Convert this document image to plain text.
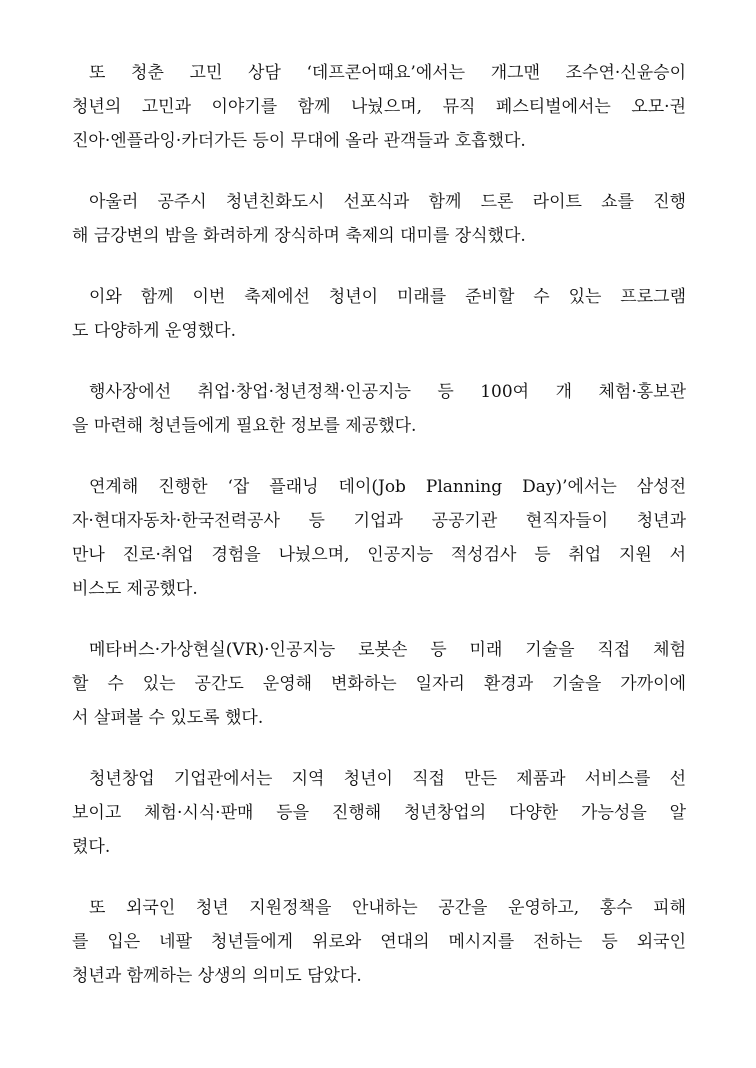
또 청춘 고민 상담 ‘데프콘어때요’에서는 개그맨 조수연·신윤승이
청년의 고민과 이야기를 함께 나눴으며, 뮤직 페스티벌에서는 오모·권
진아·엔플라잉·카더가든 등이 무대에 올라 관객들과 호흡했다.
아울러 공주시 청년친화도시 선포식과 함께 드론 라이트 쇼를 진행
해 금강변의 밤을 화려하게 장식하며 축제의 대미를 장식했다.
이와 함께 이번 축제에선 청년이 미래를 준비할 수 있는 프로그램
도 다양하게 운영했다.
행사장에선 취업·창업·청년정책·인공지능 등 100여 개 체험·홍보관
을 마련해 청년들에게 필요한 정보를 제공했다.
연계해 진행한 ‘잡 플래닝 데이(Job Planning Day)’에서는 삼성전
자·현대자동차·한국전력공사 등 기업과 공공기관 현직자들이 청년과
만나 진로·취업 경험을 나눴으며, 인공지능 적성검사 등 취업 지원 서
비스도 제공했다.
메타버스·가상현실(VR)·인공지능 로봇손 등 미래 기술을 직접 체험
할 수 있는 공간도 운영해 변화하는 일자리 환경과 기술을 가까이에
서 살펴볼 수 있도록 했다.
청년창업 기업관에서는 지역 청년이 직접 만든 제품과 서비스를 선
보이고 체험·시식·판매 등을 진행해 청년창업의 다양한 가능성을 알
렸다.
또 외국인 청년 지원정책을 안내하는 공간을 운영하고, 홍수 피해
를 입은 네팔 청년들에게 위로와 연대의 메시지를 전하는 등 외국인
청년과 함께하는 상생의 의미도 담았다.
